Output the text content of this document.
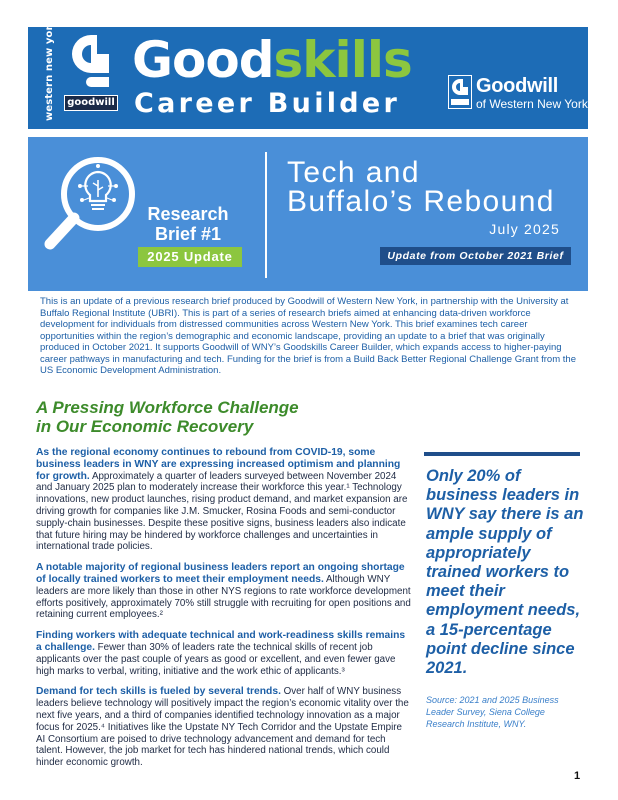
western new york	goodwill
Goodskills
Career Builder
Goodwill
of Western New York
Research
Brief #1
2025 Update
Tech and
Buffalo’s Rebound
July 2025
Update from October 2021 Brief
This is an update of a previous research brief produced by Goodwill of Western New York, in partnership with the University at Buffalo Regional Institute (UBRI). This is part of a series of research briefs aimed at enhancing data-driven workforce development for individuals from distressed communities across Western New York. This brief examines tech career opportunities within the region’s demographic and economic landscape, providing an update to a brief that was originally produced in October 2021. It supports Goodwill of WNY’s Goodskills Career Builder, which expands access to higher-paying career pathways in manufacturing and tech. Funding for the brief is from a Build Back Better Regional Challenge Grant from the US Economic Development Administration.
A Pressing Workforce Challenge
in Our Economic Recovery

As the regional economy continues to rebound from COVID-19, some business leaders in WNY are expressing increased optimism and planning for growth. Approximately a quarter of leaders surveyed between November 2024 and January 2025 plan to moderately increase their workforce this year.¹ Technology innovations, new product launches, rising product demand, and market expansion are driving growth for companies like J.M. Smucker, Rosina Foods and semi-conductor supply-chain businesses. Despite these positive signs, business leaders also indicate that future hiring may be hindered by workforce challenges and uncertainties in international trade policies.

A notable majority of regional business leaders report an ongoing shortage of locally trained workers to meet their employment needs. Although WNY leaders are more likely than those in other NYS regions to rate workforce development efforts positively, approximately 70% still struggle with recruiting for open positions and retaining current employees.²

Finding workers with adequate technical and work-readiness skills remains a challenge. Fewer than 30% of leaders rate the technical skills of recent job applicants over the past couple of years as good or excellent, and even fewer gave high marks to verbal, writing, initiative and the work ethic of applicants.³

Demand for tech skills is fueled by several trends. Over half of WNY business leaders believe technology will positively impact the region’s economic vitality over the next five years, and a third of companies identified technology innovation as a major focus for 2025.⁴ Initiatives like the Upstate NY Tech Corridor and the Upstate Empire AI Consortium are poised to drive technology advancement and demand for tech talent. However, the job market for tech has hindered national trends, which could hinder economic growth.

Only 20% of business leaders in WNY say there is an ample supply of appropriately trained workers to meet their employment needs, a 15-percentage point decline since 2021.
Source: 2021 and 2025 Business Leader Survey, Siena College Research Institute, WNY.
1
